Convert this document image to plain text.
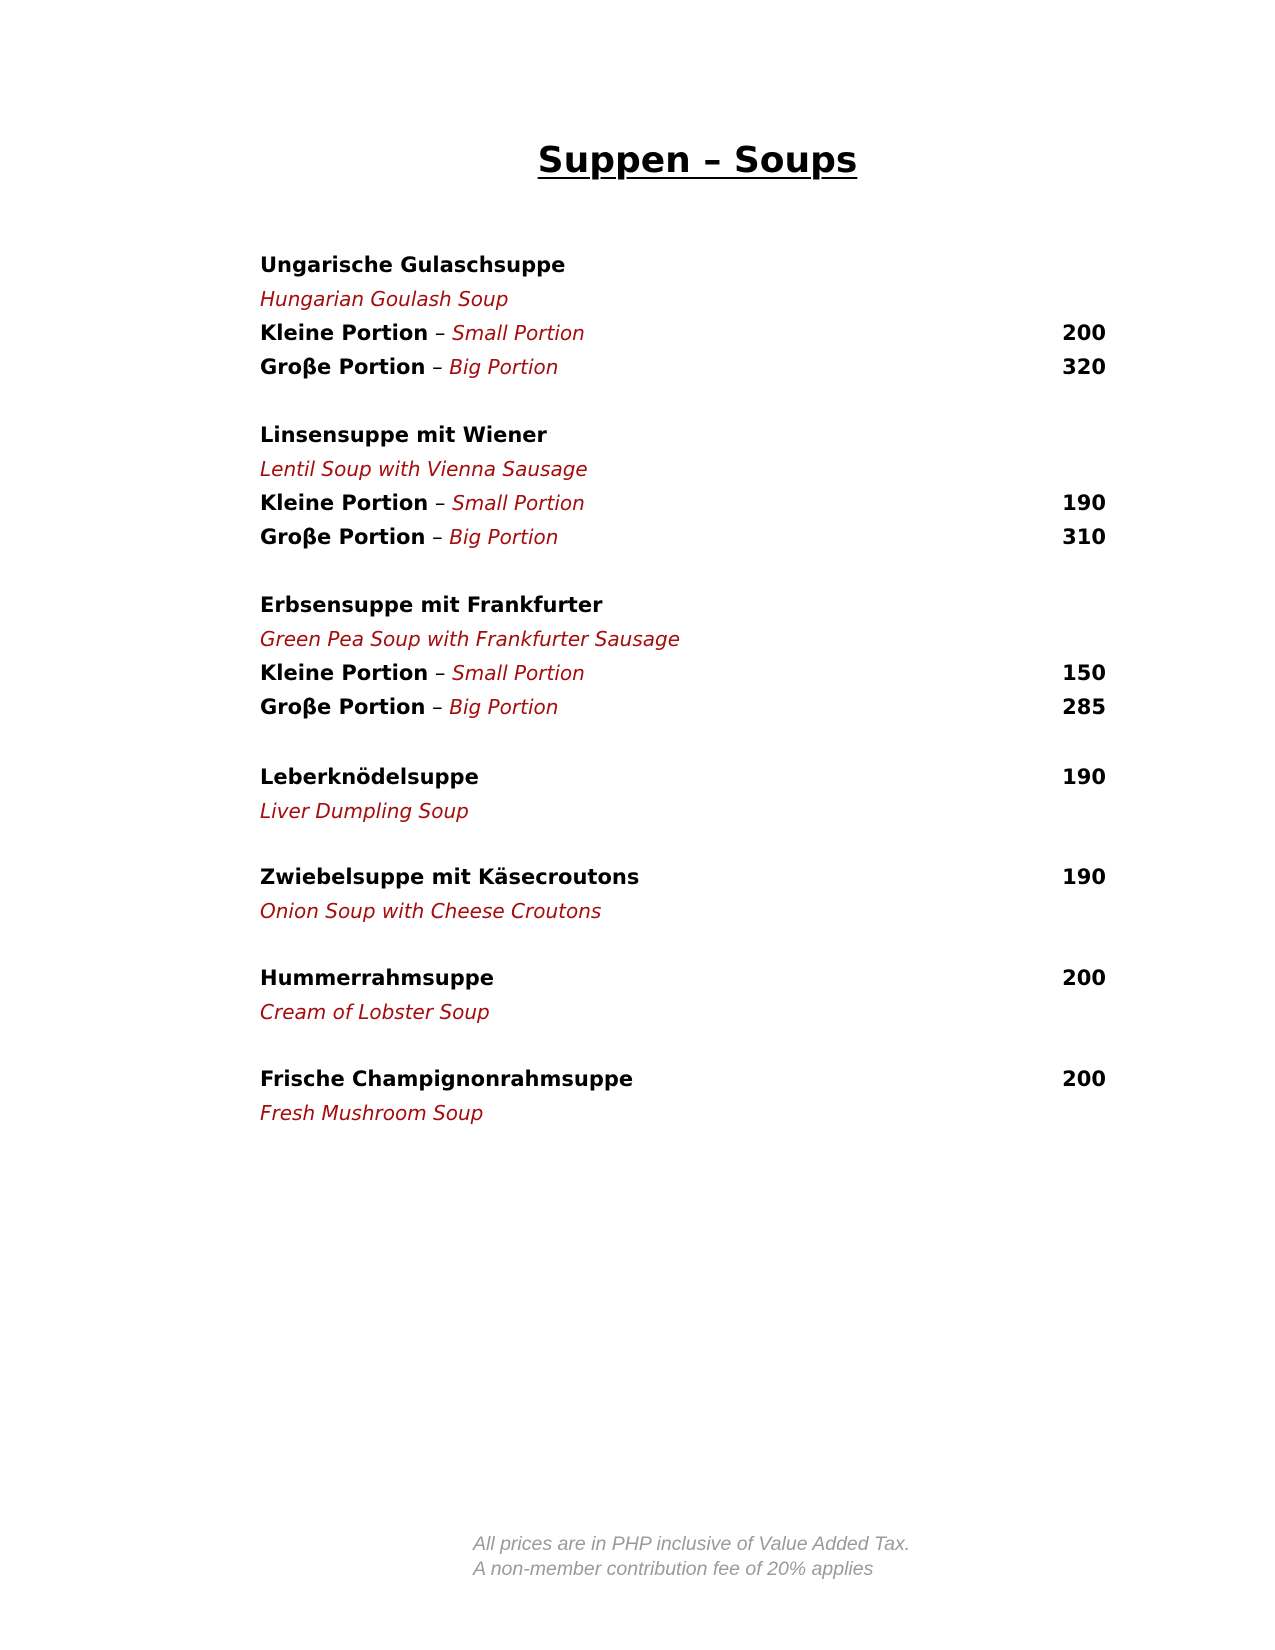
Suppen – Soups
Ungarische Gulaschsuppe
Hungarian Goulash Soup
Kleine Portion – Small Portion	200
Groβe Portion – Big Portion	320
Linsensuppe mit Wiener
Lentil Soup with Vienna Sausage
Kleine Portion – Small Portion	190
Groβe Portion – Big Portion	310
Erbsensuppe mit Frankfurter
Green Pea Soup with Frankfurter Sausage
Kleine Portion – Small Portion	150
Groβe Portion – Big Portion	285
Leberknödelsuppe	190
Liver Dumpling Soup
Zwiebelsuppe mit Käsecroutons	190
Onion Soup with Cheese Croutons
Hummerrahmsuppe	200
Cream of Lobster Soup
Frische Champignonrahmsuppe	200
Fresh Mushroom Soup
All prices are in PHP inclusive of Value Added Tax.
A non-member contribution fee of 20% applies
